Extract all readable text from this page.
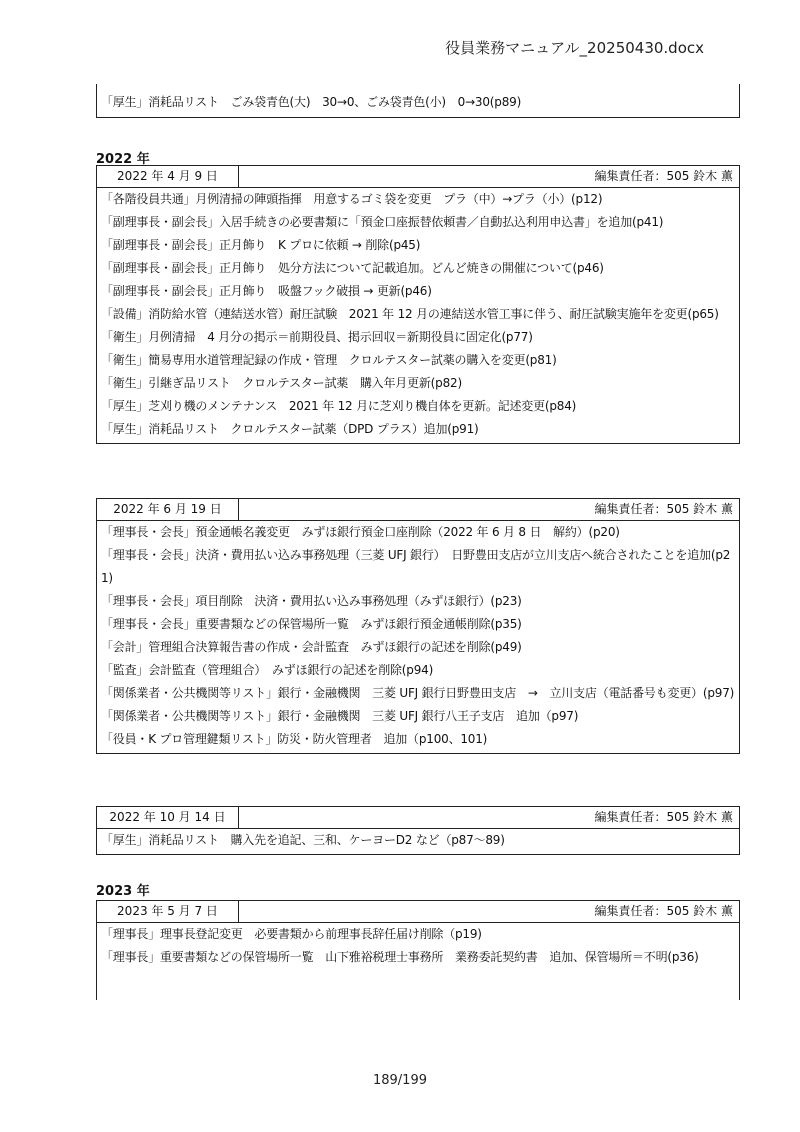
役員業務マニュアル_20250430.docx
「厚生」消耗品リスト　ごみ袋青色(大)　30→0、ごみ袋青色(小)　0→30(p89)
2022 年
2022 年 4 月 9 日	編集責任者：505 鈴木 薫
「各階役員共通」月例清掃の陣頭指揮　用意するゴミ袋を変更　プラ（中）→プラ（小）(p12)
「副理事長・副会長」入居手続きの必要書類に「預金口座振替依頼書／自動払込利用申込書」を追加(p41)
「副理事長・副会長」正月飾り　K プロに依頼 → 削除(p45)
「副理事長・副会長」正月飾り　処分方法について記載追加。どんど焼きの開催について(p46)
「副理事長・副会長」正月飾り　吸盤フック破損 → 更新(p46)
「設備」消防給水管（連結送水管）耐圧試験　2021 年 12 月の連結送水管工事に伴う、耐圧試験実施年を変更(p65)
「衛生」月例清掃　4 月分の掲示＝前期役員、掲示回収＝新期役員に固定化(p77)
「衛生」簡易専用水道管理記録の作成・管理　クロルテスター試薬の購入を変更(p81)
「衛生」引継ぎ品リスト　クロルテスター試薬　購入年月更新(p82)
「厚生」芝刈り機のメンテナンス　2021 年 12 月に芝刈り機自体を更新。記述変更(p84)
「厚生」消耗品リスト　クロルテスター試薬（DPD プラス）追加(p91)
2022 年 6 月 19 日	編集責任者：505 鈴木 薫
「理事長・会長」預金通帳名義変更　みずほ銀行預金口座削除（2022 年 6 月 8 日　解約）(p20)
「理事長・会長」決済・費用払い込み事務処理（三菱 UFJ 銀行）　日野豊田支店が立川支店へ統合されたことを追加(p21)
「理事長・会長」項目削除　決済・費用払い込み事務処理（みずほ銀行）(p23)
「理事長・会長」重要書類などの保管場所一覧　みずほ銀行預金通帳削除(p35)
「会計」管理組合決算報告書の作成・会計監査　みずほ銀行の記述を削除(p49)
「監査」会計監査（管理組合）　みずほ銀行の記述を削除(p94)
「関係業者・公共機関等リスト」銀行・金融機関　三菱 UFJ 銀行日野豊田支店　→　立川支店（電話番号も変更）(p97)
「関係業者・公共機関等リスト」銀行・金融機関　三菱 UFJ 銀行八王子支店　追加（p97)
「役員・K プロ管理鍵類リスト」防災・防火管理者　追加（p100、101)
2022 年 10 月 14 日	編集責任者：505 鈴木 薫
「厚生」消耗品リスト　購入先を追記、三和、ケーヨーD2 など（p87〜89)
2023 年
2023 年 5 月 7 日	編集責任者：505 鈴木 薫
「理事長」理事長登記変更　必要書類から前理事長辞任届け削除（p19)
「理事長」重要書類などの保管場所一覧　山下雅裕税理士事務所　業務委託契約書　追加、保管場所＝不明(p36)
189/199
